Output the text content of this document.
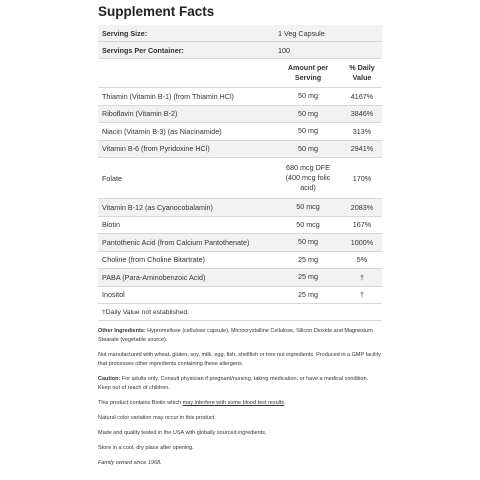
Supplement Facts
Serving Size:	1 Veg Capsule	
Servings Per Container:	100	
	Amount per Serving	% Daily Value
Thiamin (Vitamin B-1) (from Thiamin HCl)	50 mg	4167%
Riboflavin (Vitamin B-2)	50 mg	3846%
Niacin (Vitamin B-3) (as Niacinamide)	50 mg	313%
Vitamin B-6 (from Pyridoxine HCl)	50 mg	2941%
Folate	680 mcg DFE (400 mcg folic acid)	170%
Vitamin B-12 (as Cyanocobalamin)	50 mcg	2083%
Biotin	50 mcg	167%
Pantothenic Acid (from Calcium Pantothenate)	50 mg	1000%
Choline (from Choline Bitartrate)	25 mg	5%
PABA (Para-Aminobenzoic Acid)	25 mg	†
Inositol	25 mg	†
†Daily Value not established.		

Other Ingredients: Hypromellose (cellulose capsule), Microcrystalline Cellulose, Silicon Dioxide and Magnesium Stearate (vegetable source).

Not manufactured with wheat, gluten, soy, milk, egg, fish, shellfish or tree nut ingredients. Produced in a GMP facility that processes other ingredients containing these allergens.

Caution: For adults only. Consult physician if pregnant/nursing, taking medication, or have a medical condition. Keep out of reach of children.

This product contains Biotin which may interfere with some blood test results.

Natural color variation may occur in this product.

Made and quality tested in the USA with globally sourced ingredients.

Store in a cool, dry place after opening.

Family owned since 1968.
